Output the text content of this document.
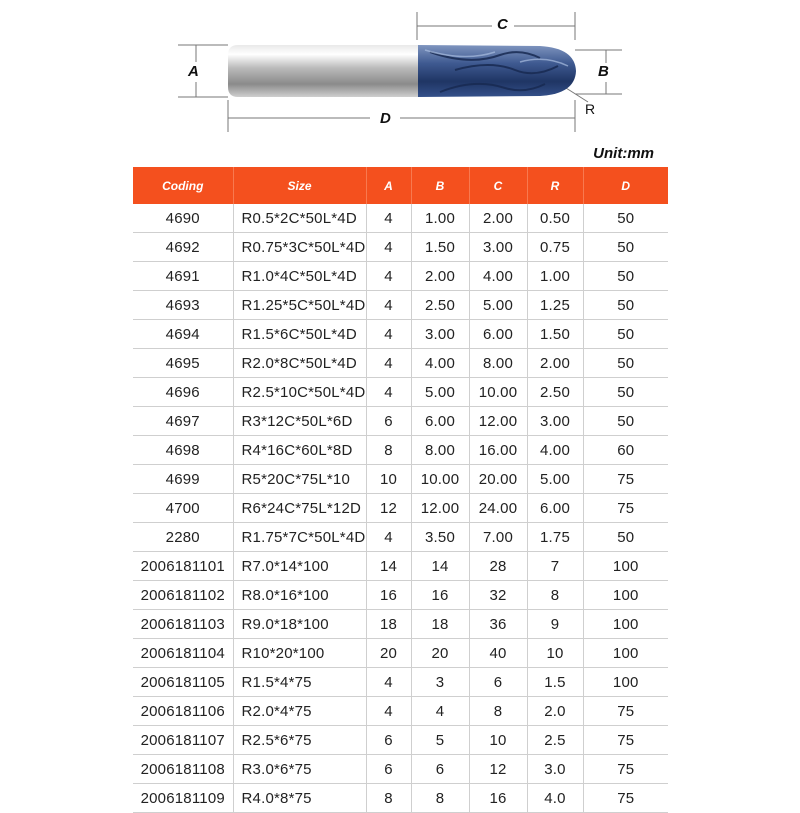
A
C
B
D
R
Unit:mm
Coding	Size	A	B	C	R	D
4690	R0.5*2C*50L*4D	4	1.00	2.00	0.50	50
4692	R0.75*3C*50L*4D	4	1.50	3.00	0.75	50
4691	R1.0*4C*50L*4D	4	2.00	4.00	1.00	50
4693	R1.25*5C*50L*4D	4	2.50	5.00	1.25	50
4694	R1.5*6C*50L*4D	4	3.00	6.00	1.50	50
4695	R2.0*8C*50L*4D	4	4.00	8.00	2.00	50
4696	R2.5*10C*50L*4D	4	5.00	10.00	2.50	50
4697	R3*12C*50L*6D	6	6.00	12.00	3.00	50
4698	R4*16C*60L*8D	8	8.00	16.00	4.00	60
4699	R5*20C*75L*10	10	10.00	20.00	5.00	75
4700	R6*24C*75L*12D	12	12.00	24.00	6.00	75
2280	R1.75*7C*50L*4D	4	3.50	7.00	1.75	50
2006181101	R7.0*14*100	14	14	28	7	100
2006181102	R8.0*16*100	16	16	32	8	100
2006181103	R9.0*18*100	18	18	36	9	100
2006181104	R10*20*100	20	20	40	10	100
2006181105	R1.5*4*75	4	3	6	1.5	100
2006181106	R2.0*4*75	4	4	8	2.0	75
2006181107	R2.5*6*75	6	5	10	2.5	75
2006181108	R3.0*6*75	6	6	12	3.0	75
2006181109	R4.0*8*75	8	8	16	4.0	75
